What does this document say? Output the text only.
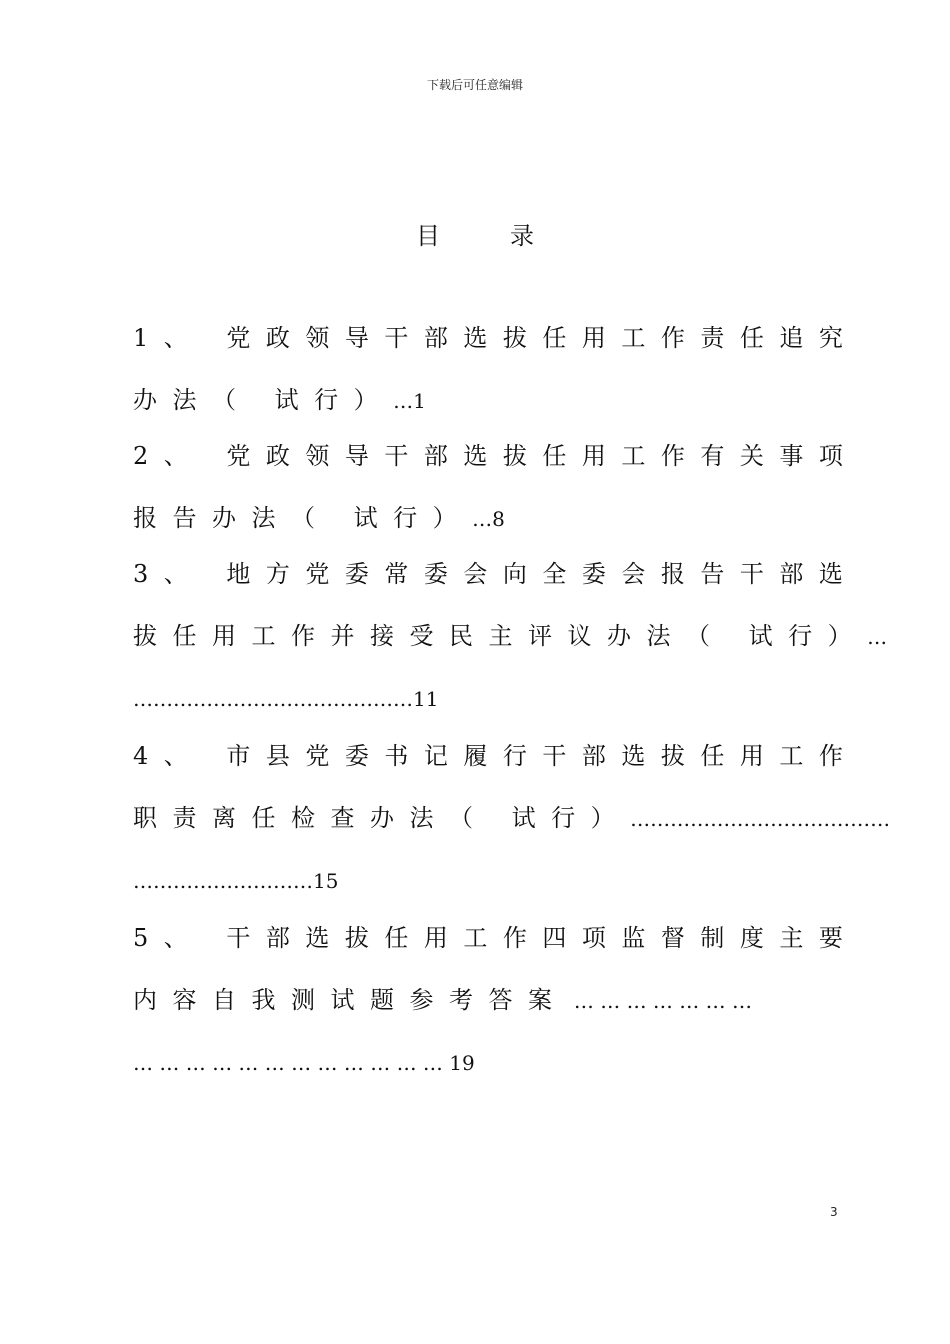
下载后可任意编辑
目录
1、 党政领导干部选拔任用工作责任追究
办法（ 试行）…1
2、 党政领导干部选拔任用工作有关事项
报告办法（ 试行）…8
3、 地方党委常委会向全委会报告干部选
拔任用工作并接受民主评议办法（ 试行）…
……………………………………11
4、 市县党委书记履行干部选拔任用工作
职责离任检查办法（ 试行）…………………………………
………………………15
5、 干部选拔任用工作四项监督制度主要
内容自我测试题参考答案 … … … … … … …
… … … … … … … … … … … … 19
3
